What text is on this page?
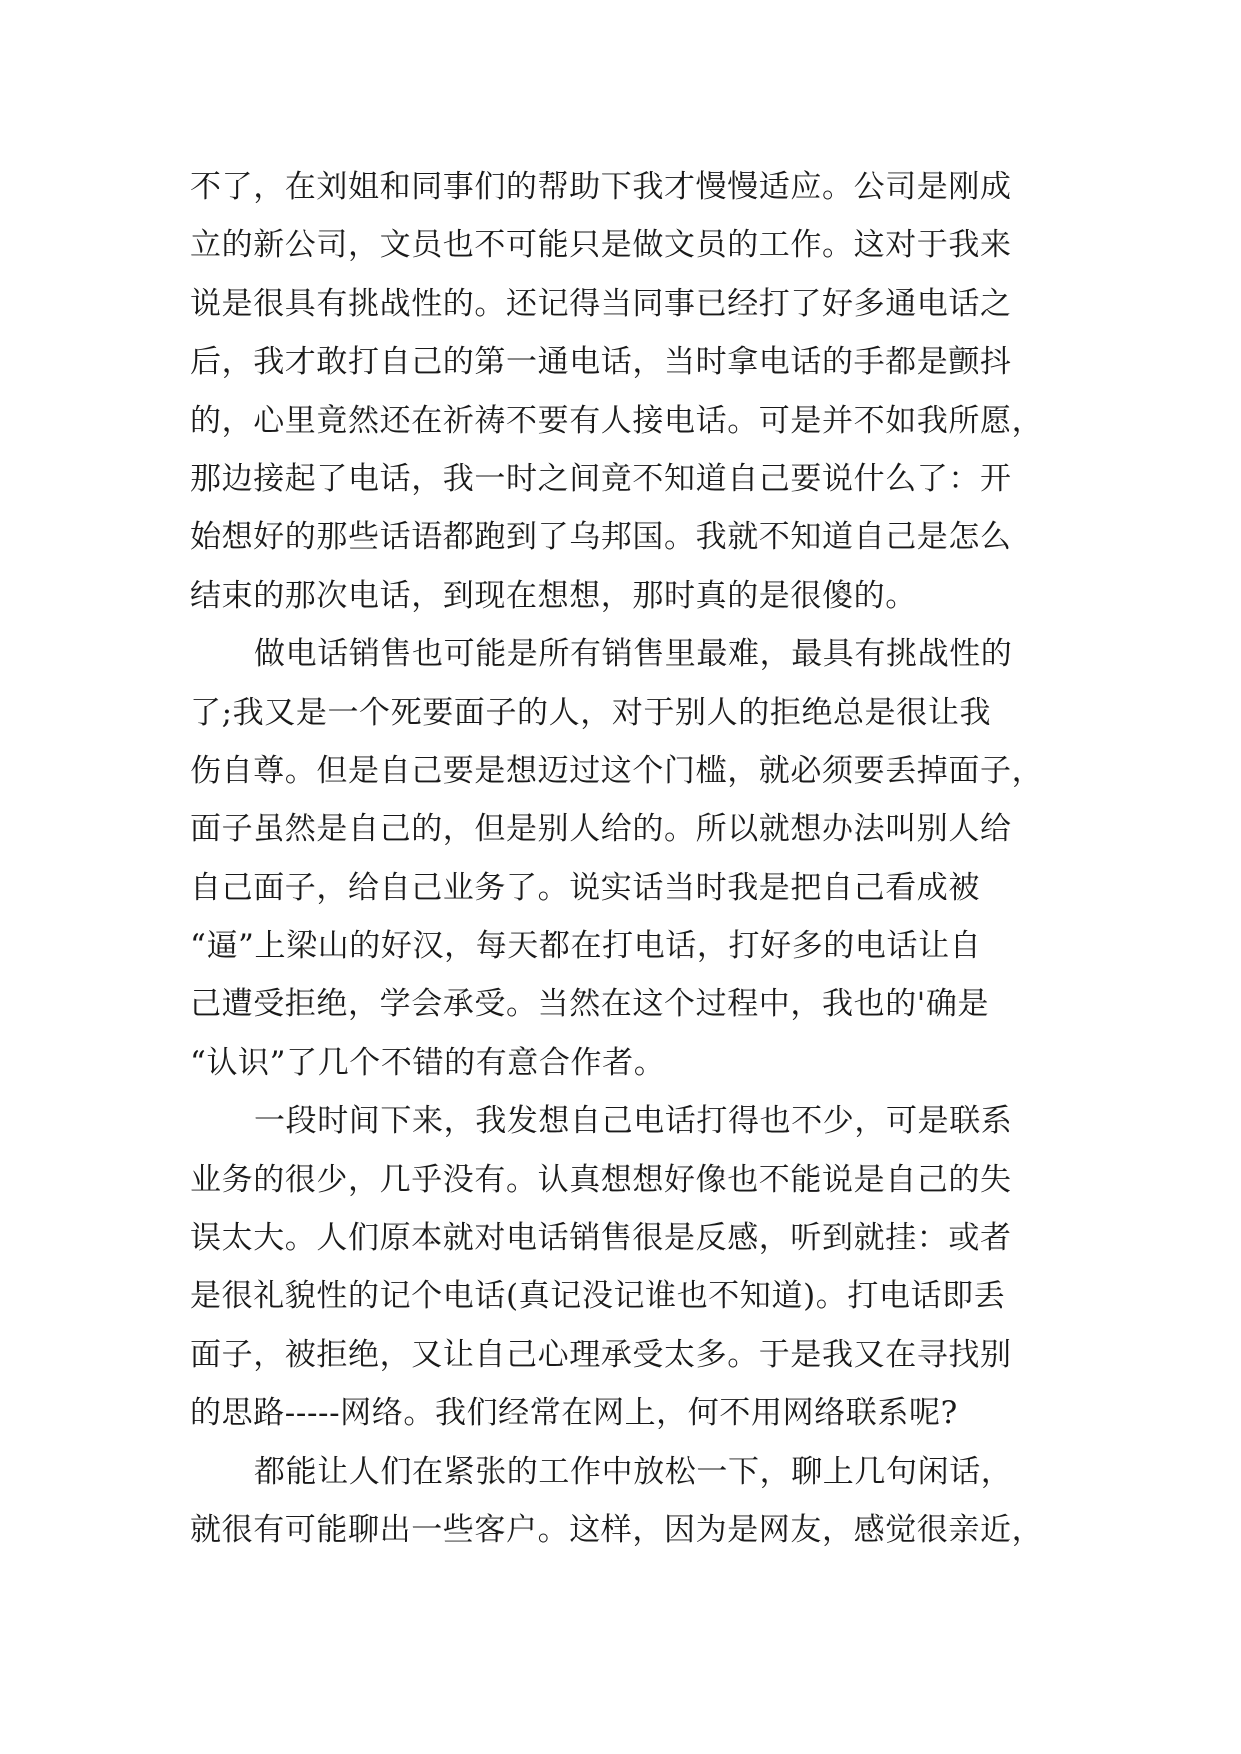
不了，在刘姐和同事们的帮助下我才慢慢适应。公司是刚成
立的新公司，文员也不可能只是做文员的工作。这对于我来
说是很具有挑战性的。还记得当同事已经打了好多通电话之
后，我才敢打自己的第一通电话，当时拿电话的手都是颤抖
的，心里竟然还在祈祷不要有人接电话。可是并不如我所愿，
那边接起了电话，我一时之间竟不知道自己要说什么了：开
始想好的那些话语都跑到了乌邦国。我就不知道自己是怎么
结束的那次电话，到现在想想，那时真的是很傻的。
做电话销售也可能是所有销售里最难，最具有挑战性的
了;我又是一个死要面子的人，对于别人的拒绝总是很让我
伤自尊。但是自己要是想迈过这个门槛，就必须要丢掉面子，
面子虽然是自己的，但是别人给的。所以就想办法叫别人给
自己面子，给自己业务了。说实话当时我是把自己看成被
“逼”上梁山的好汉，每天都在打电话，打好多的电话让自
己遭受拒绝，学会承受。当然在这个过程中，我也的'确是
“认识”了几个不错的有意合作者。
一段时间下来，我发想自己电话打得也不少，可是联系
业务的很少，几乎没有。认真想想好像也不能说是自己的失
误太大。人们原本就对电话销售很是反感，听到就挂：或者
是很礼貌性的记个电话(真记没记谁也不知道)。打电话即丢
面子，被拒绝，又让自己心理承受太多。于是我又在寻找别
的思路-----网络。我们经常在网上，何不用网络联系呢?
都能让人们在紧张的工作中放松一下，聊上几句闲话，
就很有可能聊出一些客户。这样，因为是网友，感觉很亲近，
